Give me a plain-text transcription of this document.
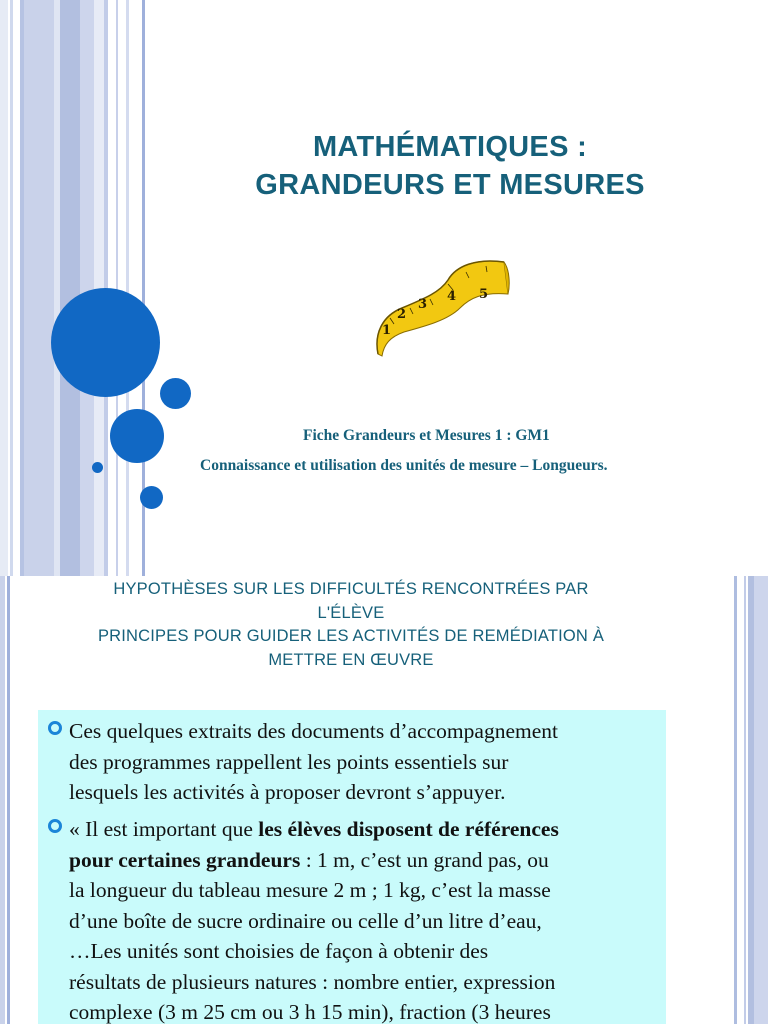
MATHÉMATIQUES :
GRANDEURS ET MESURES
1
2
3
4 5
Fiche Grandeurs et Mesures 1 : GM1
Connaissance et utilisation des unités de mesure – Longueurs.
HYPOTHÈSES SUR LES DIFFICULTÉS RENCONTRÉES PAR
L'ÉLÈVE
PRINCIPES POUR GUIDER LES ACTIVITÉS DE REMÉDIATION À
METTRE EN ŒUVRE
Ces quelques extraits des documents d’accompagnement
des programmes rappellent les points essentiels sur
lesquels les activités à proposer devront s’appuyer.
« Il est important que les élèves disposent de références
pour certaines grandeurs : 1 m, c’est un grand pas, ou
la longueur du tableau mesure 2 m ; 1 kg, c’est la masse
d’une boîte de sucre ordinaire ou celle d’un litre d’eau,
…Les unités sont choisies de façon à obtenir des
résultats de plusieurs natures : nombre entier, expression
complexe (3 m 25 cm ou 3 h 15 min), fraction (3 heures
